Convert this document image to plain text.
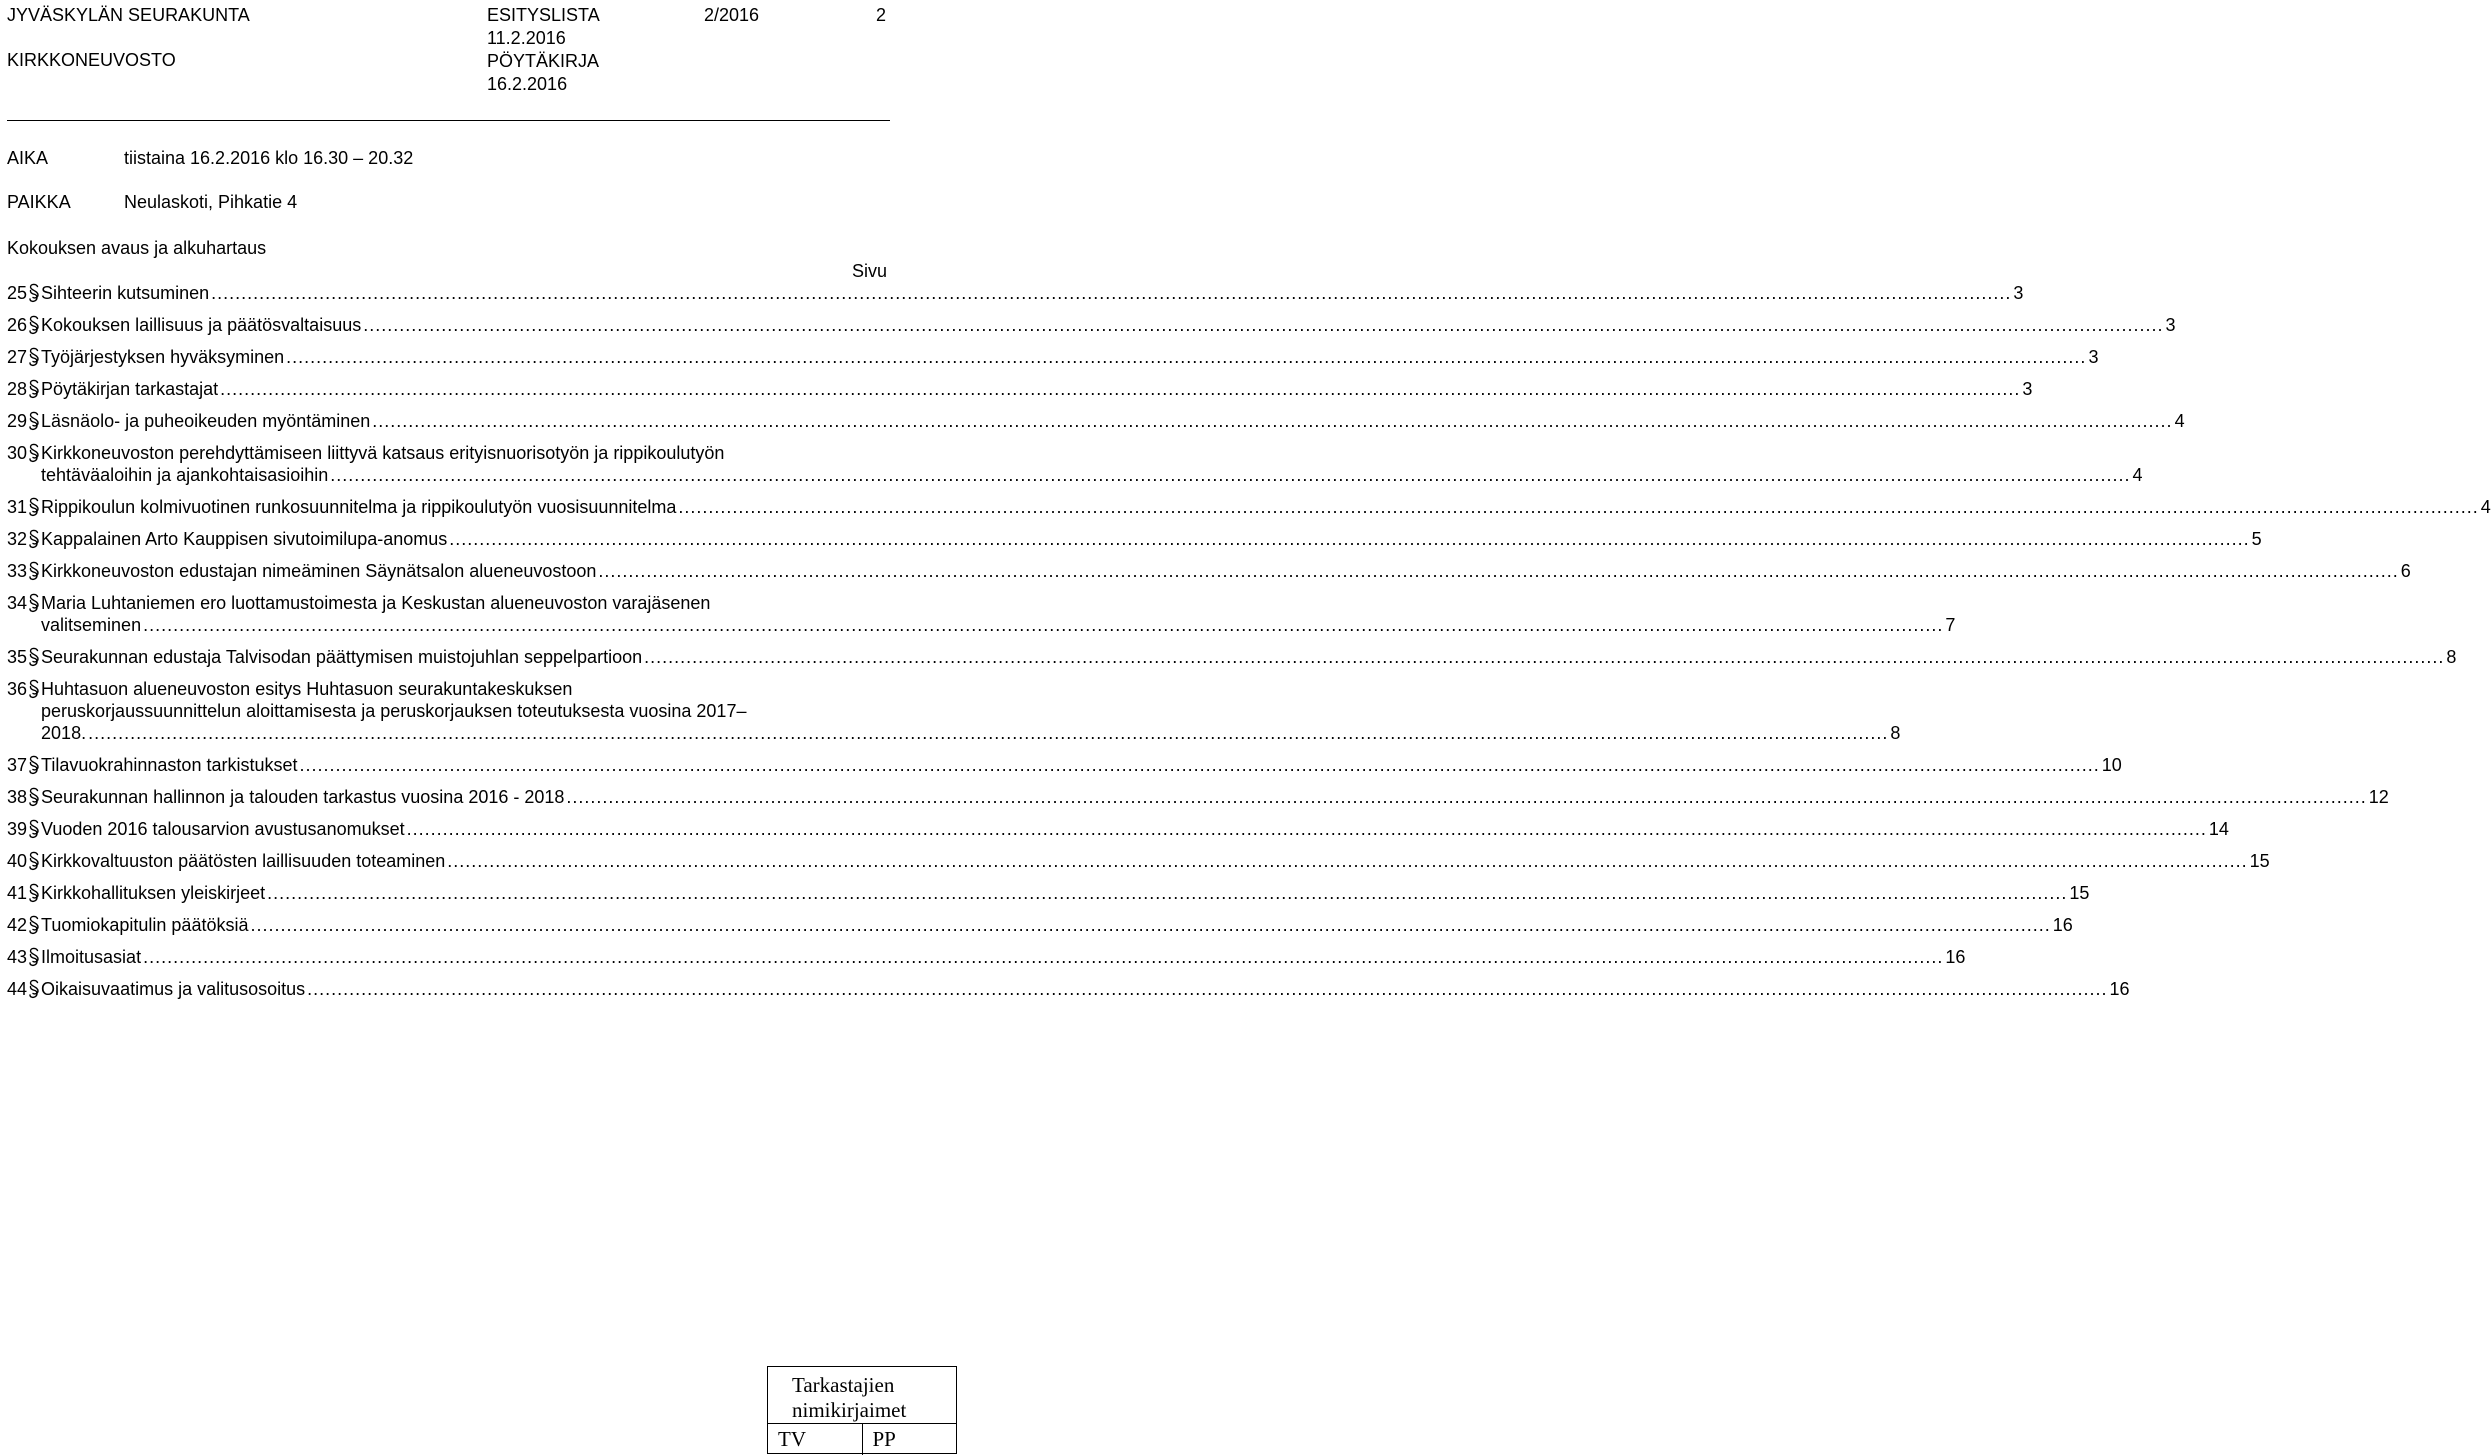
JYVÄSKYLÄN SEURAKUNTA
KIRKKONEUVOSTO
ESITYSLISTA
11.2.2016
PÖYTÄKIRJA
16.2.2016
2/2016	2
AIKA	tiistaina 16.2.2016 klo 16.30 – 20.32
PAIKKA	Neulaskoti, Pihkatie 4
Kokouksen avaus ja alkuhartaus
Sivu
25 Sihteerin kutsuminen ............................................................................................................................................................................................................................................................................................................ 3
26 Kokouksen laillisuus ja päätösvaltaisuus ............................................................................................................................................................................................................................................................................................................ 3
27 Työjärjestyksen hyväksyminen ............................................................................................................................................................................................................................................................................................................ 3
28 Pöytäkirjan tarkastajat ............................................................................................................................................................................................................................................................................................................ 3
29 Läsnäolo- ja puheoikeuden myöntäminen ............................................................................................................................................................................................................................................................................................................ 4
30 Kirkkoneuvoston perehdyttämiseen liittyvä katsaus erityisnuorisotyön ja rippikoulutyön
tehtäväaloihin ja ajankohtaisasioihin ............................................................................................................................................................................................................................................................................................................ 4
31 Rippikoulun kolmivuotinen runkosuunnitelma ja rippikoulutyön vuosisuunnitelma ............................................................................................................................................................................................................................................................................................................ 4
32 Kappalainen Arto Kauppisen sivutoimilupa-anomus ............................................................................................................................................................................................................................................................................................................ 5
33 Kirkkoneuvoston edustajan nimeäminen Säynätsalon alueneuvostoon ............................................................................................................................................................................................................................................................................................................ 6
34 Maria Luhtaniemen ero luottamustoimesta ja Keskustan alueneuvoston varajäsenen
valitseminen ............................................................................................................................................................................................................................................................................................................ 7
35 Seurakunnan edustaja Talvisodan päättymisen muistojuhlan seppelpartioon ............................................................................................................................................................................................................................................................................................................ 8
36 Huhtasuon alueneuvoston esitys Huhtasuon seurakuntakeskuksen
peruskorjaussuunnittelun aloittamisesta ja peruskorjauksen toteutuksesta vuosina 2017–
2018. ............................................................................................................................................................................................................................................................................................................ 8
37 Tilavuokrahinnaston tarkistukset ............................................................................................................................................................................................................................................................................................................ 10
38 Seurakunnan hallinnon ja talouden tarkastus vuosina 2016 - 2018 ............................................................................................................................................................................................................................................................................................................ 12
39 Vuoden 2016 talousarvion avustusanomukset ............................................................................................................................................................................................................................................................................................................ 14
40 Kirkkovaltuuston päätösten laillisuuden toteaminen ............................................................................................................................................................................................................................................................................................................ 15
41 Kirkkohallituksen yleiskirjeet ............................................................................................................................................................................................................................................................................................................ 15
42 Tuomiokapitulin päätöksiä ............................................................................................................................................................................................................................................................................................................ 16
43 Ilmoitusasiat ............................................................................................................................................................................................................................................................................................................ 16
44 Oikaisuvaatimus ja valitusosoitus ............................................................................................................................................................................................................................................................................................................ 16
Tarkastajien nimikirjaimet
TV	PP
